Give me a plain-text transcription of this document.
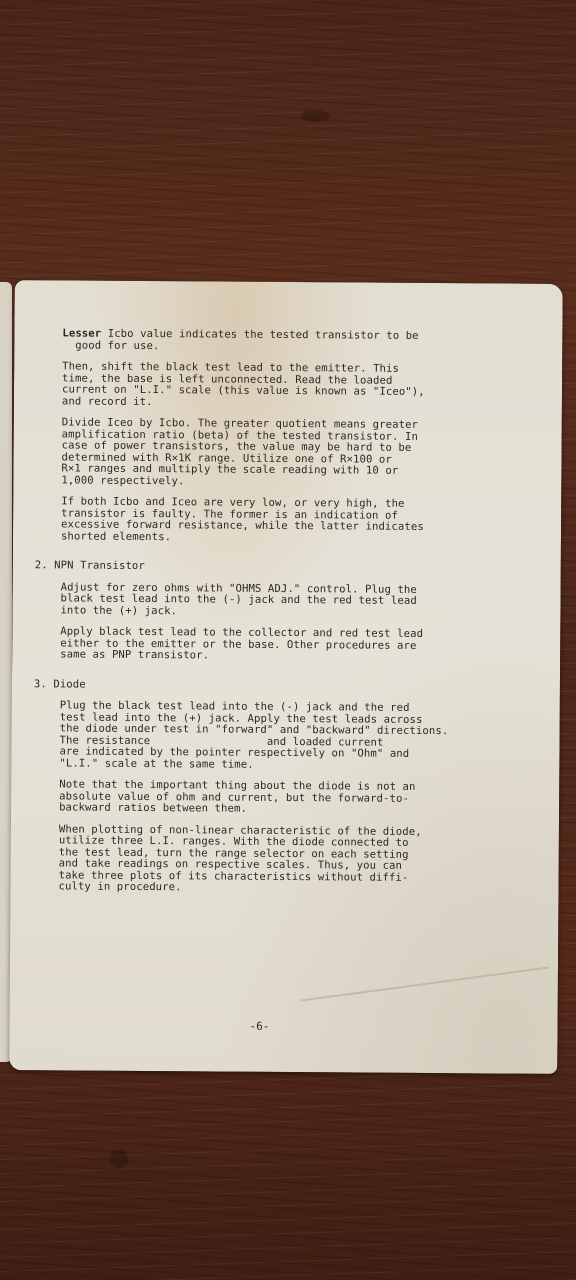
Lesser Icbo value indicates the tested transistor to be
good for use.

Then, shift the black test lead to the emitter. This
time, the base is left unconnected. Read the loaded
current on "L.I." scale (this value is known as "Iceo"),
and record it.

Divide Iceo by Icbo. The greater quotient means greater
amplification ratio (beta) of the tested transistor. In
case of power transistors, the value may be hard to be
determined with R×1K range. Utilize one of R×100 or
R×1 ranges and multiply the scale reading with 10 or
1,000 respectively.

If both Icbo and Iceo are very low, or very high, the
transistor is faulty. The former is an indication of
excessive forward resistance, while the latter indicates
shorted elements.

2. NPN Transistor

Adjust for zero ohms with "OHMS ADJ." control. Plug the
black test lead into the (-) jack and the red test lead
into the (+) jack.

Apply black test lead to the collector and red test lead
either to the emitter or the base. Other procedures are
same as PNP transistor.

3. Diode

Plug the black test lead into the (-) jack and the red
test lead into the (+) jack. Apply the test leads across
the diode under test in "forward" and "backward" directions.
The resistance                  and loaded current
are indicated by the pointer respectively on "Ohm" and
"L.I." scale at the same time.

Note that the important thing about the diode is not an
absolute value of ohm and current, but the forward-to-
backward ratios between them.

When plotting of non-linear characteristic of the diode,
utilize three L.I. ranges. With the diode connected to
the test lead, turn the range selector on each setting
and take readings on respective scales. Thus, you can
take three plots of its characteristics without diffi-
culty in procedure.

-6-
